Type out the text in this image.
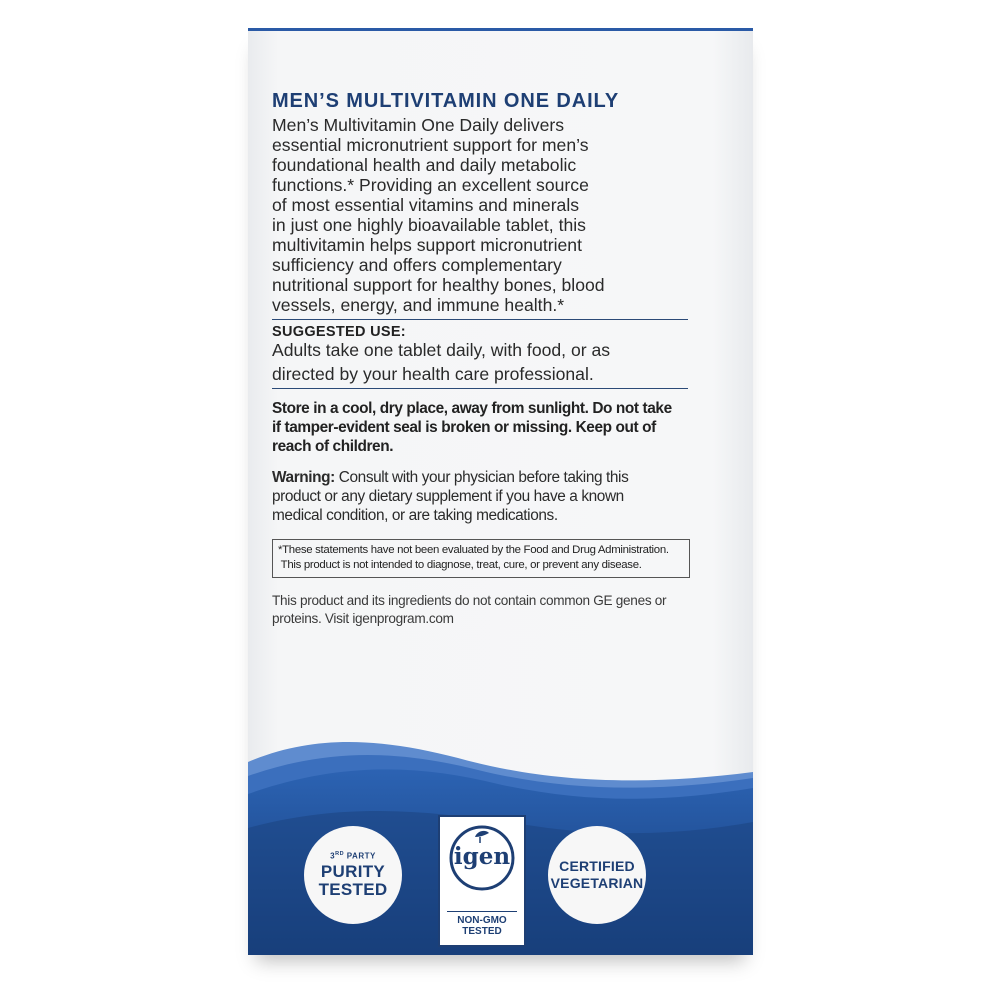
MEN’S MULTIVITAMIN ONE DAILY
Men’s Multivitamin One Daily delivers
essential micronutrient support for men’s
foundational health and daily metabolic
functions.* Providing an excellent source
of most essential vitamins and minerals
in just one highly bioavailable tablet, this
multivitamin helps support micronutrient
sufficiency and offers complementary
nutritional support for healthy bones, blood
vessels, energy, and immune health.*
SUGGESTED USE:
Adults take one tablet daily, with food, or as
directed by your health care professional.
Store in a cool, dry place, away from sunlight. Do not take
if tamper-evident seal is broken or missing. Keep out of
reach of children.
Warning: Consult with your physician before taking this
product or any dietary supplement if you have a known
medical condition, or are taking medications.
*These statements have not been evaluated by the Food and Drug Administration.
This product is not intended to diagnose, treat, cure, or prevent any disease.
This product and its ingredients do not contain common GE genes or
proteins. Visit igenprogram.com
3RD PARTY
PURITY
TESTED
igen
NON-GMO
TESTED
CERTIFIED
VEGETARIAN
